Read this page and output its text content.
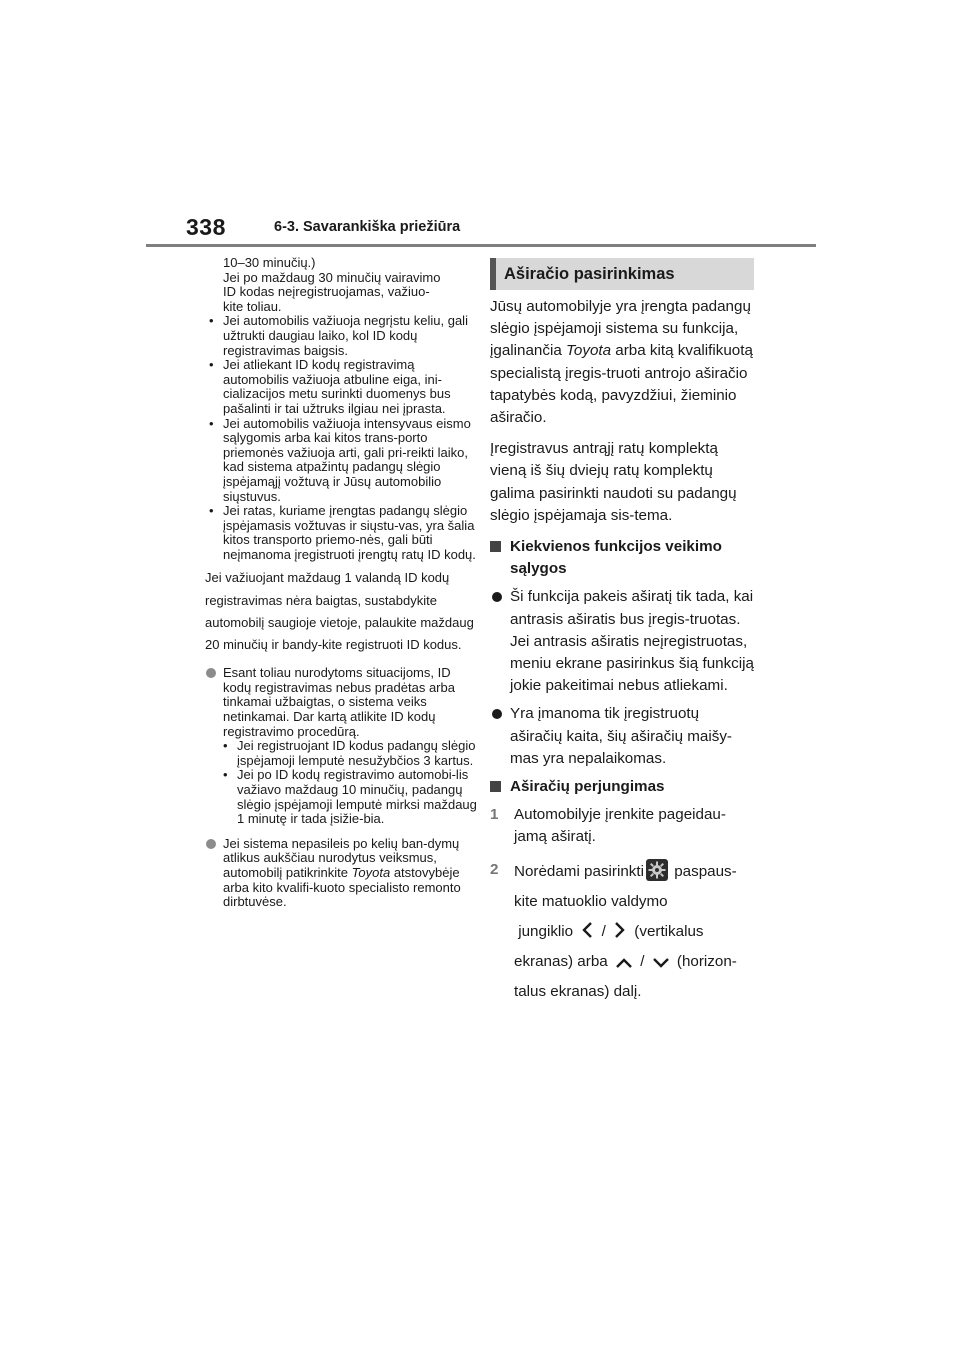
338	6-3. Savarankiška priežiūra

10–30 minučių.)

Jei po maždaug 30 minučių vairavimo

ID kodas neįregistruojamas, važiuo-

kite toliau.

• Jei automobilis važiuoja negrįstu keliu, gali užtrukti daugiau laiko, kol ID kodų registravimas baigsis.
• Jei atliekant ID kodų registravimą automobilis važiuoja atbuline eiga, ini-cializacijos metu surinkti duomenys bus pašalinti ir tai užtruks ilgiau nei įprasta.
• Jei automobilis važiuoja intensyvaus eismo sąlygomis arba kai kitos trans-porto priemonės važiuoja arti, gali pri-reikti laiko, kad sistema atpažintų padangų slėgio įspėjamąjį vožtuvą ir Jūsų automobilio siųstuvus.
• Jei ratas, kuriame įrengtas padangų slėgio įspėjamasis vožtuvas ir siųstu-vas, yra šalia kitos transporto priemo-nės, gali būti neįmanoma įregistruoti įrengtų ratų ID kodų.

Jei važiuojant maždaug 1 valandą ID kodų registravimas nėra baigtas, sustabdykite automobilį saugioje vietoje, palaukite maždaug 20 minučių ir bandy-kite registruoti ID kodus.

Esant toliau nurodytoms situacijoms, ID kodų registravimas nebus pradėtas arba tinkamai užbaigtas, o sistema veiks netinkamai. Dar kartą atlikite ID kodų registravimo procedūrą.

• Jei registruojant ID kodus padangų slėgio įspėjamoji lemputė nesužybčios 3 kartus.
• Jei po ID kodų registravimo automobi-lis važiavo maždaug 10 minučių, padangų slėgio įspėjamoji lemputė mirksi maždaug 1 minutę ir tada įsižie-bia.

Jei sistema nepasileis po kelių ban-dymų atlikus aukščiau nurodytus veiksmus, automobilį patikrinkite Toyota atstovybėje arba kito kvalifi-kuoto specialisto remonto dirbtuvėse.

Aširačio pasirinkimas

Jūsų automobilyje yra įrengta padangų slėgio įspėjamoji sistema su funkcija, įgalinančia Toyota arba kitą kvalifikuotą specialistą įregis-truoti antrojo aširačio tapatybės kodą, pavyzdžiui, žieminio aširačio.

Įregistravus antrąjį ratų komplektą vieną iš šių dviejų ratų komplektų galima pasirinkti naudoti su padangų slėgio įspėjamaja sis-tema.

Kiekvienos funkcijos veikimo sąlygos
Ši funkcija pakeis aširatį tik tada, kai antrasis aširatis bus įregis-truotas. Jei antrasis aširatis neįregistruotas, meniu ekrane pasirinkus šią funkciją jokie pakeitimai nebus atliekami.
Yra įmanoma tik įregistruotų aširačių kaita, šių aširačių maišy-mas yra nepalaikomas.
Aširačių perjungimas
1 Automobilyje įrenkite pageidau-jamą aširatį.
2 Norėdami pasirinkti paspaus-
kite matuoklio valdymo
jungiklio / (vertikalus
ekranas) arba / (horizon-
talus ekranas) dalį.
